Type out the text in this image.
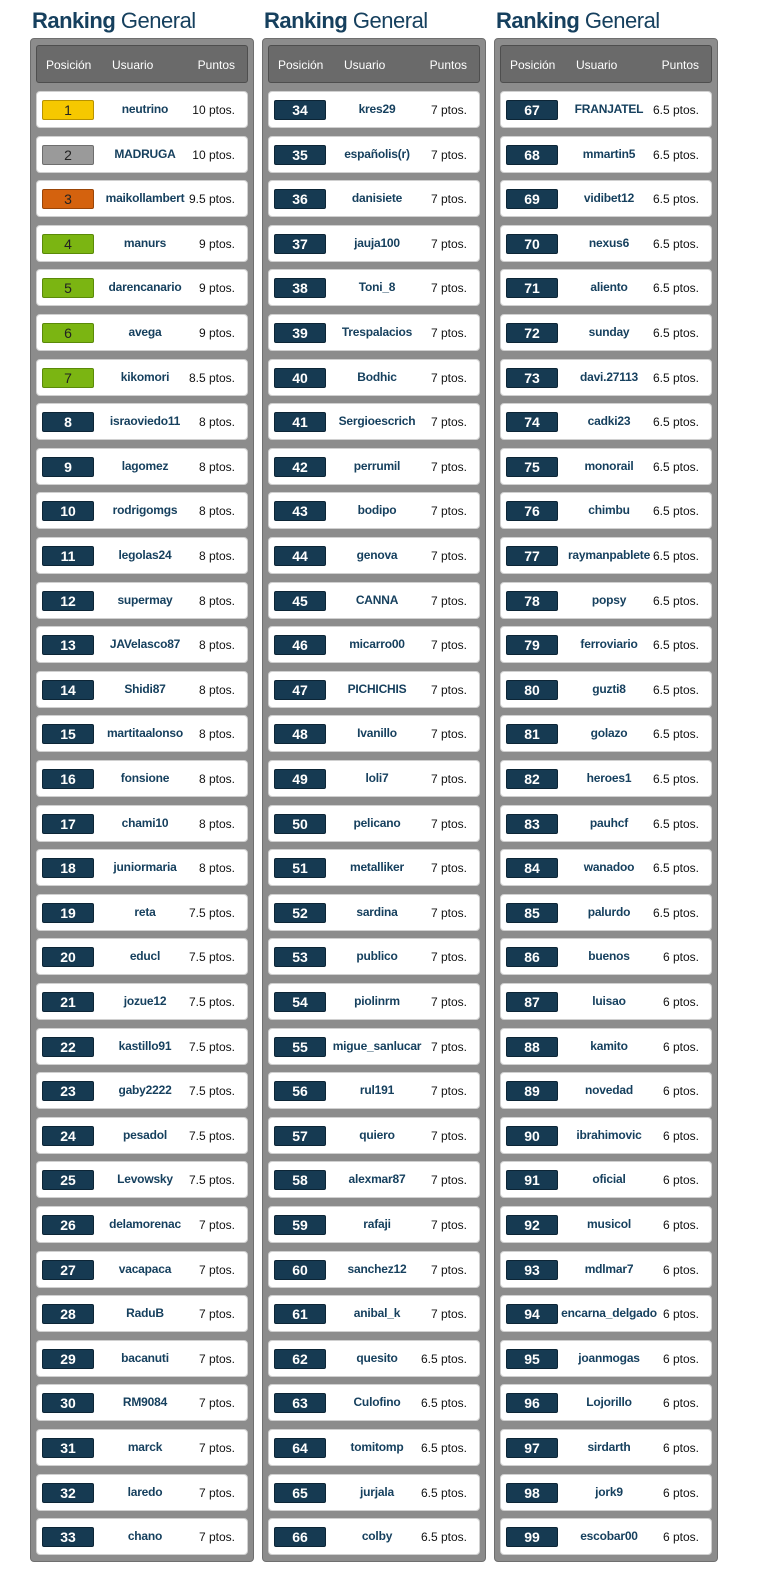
Ranking General
Posición Usuario	Puntos
1	neutrino	10 ptos.
2	MADRUGA	10 ptos.
3	maikollambert 9.5 ptos.
4	manurs	9 ptos.
5	darencanario	9 ptos.
6	avega	9 ptos.
7	kikomori	8.5 ptos.
8	israoviedo11	8 ptos.
9	lagomez	8 ptos.
10	rodrigomgs	8 ptos.
11	legolas24	8 ptos.
12	supermay	8 ptos.
13	JAVelasco87	8 ptos.
14	Shidi87	8 ptos.
15	martitaalonso	8 ptos.
16	fonsione	8 ptos.
17	chami10	8 ptos.
18	juniormaria	8 ptos.
19	reta	7.5 ptos.
20	educl	7.5 ptos.
21	jozue12	7.5 ptos.
22	kastillo91	7.5 ptos.
23	gaby2222	7.5 ptos.
24	pesadol	7.5 ptos.
25	Levowsky	7.5 ptos.
26	delamorenac	7 ptos.
27	vacapaca	7 ptos.
28	RaduB	7 ptos.
29	bacanuti	7 ptos.
30	RM9084	7 ptos.
31	marck	7 ptos.
32	laredo	7 ptos.
33	chano	7 ptos.
Ranking General
Posición Usuario	Puntos
34	kres29	7 ptos.
35	españolis(r)	7 ptos.
36	danisiete	7 ptos.
37	jauja100	7 ptos.
38	Toni_8	7 ptos.
39	Trespalacios	7 ptos.
40	Bodhic	7 ptos.
41	Sergioescrich	7 ptos.
42	perrumil	7 ptos.
43	bodipo	7 ptos.
44	genova	7 ptos.
45	CANNA	7 ptos.
46	micarro00	7 ptos.
47	PICHICHIS	7 ptos.
48	Ivanillo	7 ptos.
49	loli7	7 ptos.
50	pelicano	7 ptos.
51	metalliker	7 ptos.
52	sardina	7 ptos.
53	publico	7 ptos.
54	piolinrm	7 ptos.
55	migue_sanlucar 7 ptos.
56	rul191	7 ptos.
57	quiero	7 ptos.
58	alexmar87	7 ptos.
59	rafaji	7 ptos.
60	sanchez12	7 ptos.
61	anibal_k	7 ptos.
62	quesito	6.5 ptos.
63	Culofino	6.5 ptos.
64	tomitomp	6.5 ptos.
65	jurjala	6.5 ptos.
66	colby	6.5 ptos.
Ranking General
Posición Usuario	Puntos
67	FRANJATEL 6.5 ptos.
68	mmartin5	6.5 ptos.
69	vidibet12	6.5 ptos.
70	nexus6	6.5 ptos.
71	aliento	6.5 ptos.
72	sunday	6.5 ptos.
73	davi.27113	6.5 ptos.
74	cadki23	6.5 ptos.
75	monorail	6.5 ptos.
76	chimbu	6.5 ptos.
77	raymanpablete 6.5 ptos.
78	popsy	6.5 ptos.
79	ferroviario	6.5 ptos.
80	guzti8	6.5 ptos.
81	golazo	6.5 ptos.
82	heroes1	6.5 ptos.
83	pauhcf	6.5 ptos.
84	wanadoo	6.5 ptos.
85	palurdo	6.5 ptos.
86	buenos	6 ptos.
87	luisao	6 ptos.
88	kamito	6 ptos.
89	novedad	6 ptos.
90	ibrahimovic	6 ptos.
91	oficial	6 ptos.
92	musicol	6 ptos.
93	mdlmar7	6 ptos.
94	encarna_delgado 6 ptos.
95	joanmogas	6 ptos.
96	Lojorillo	6 ptos.
97	sirdarth	6 ptos.
98	jork9	6 ptos.
99	escobar00	6 ptos.
